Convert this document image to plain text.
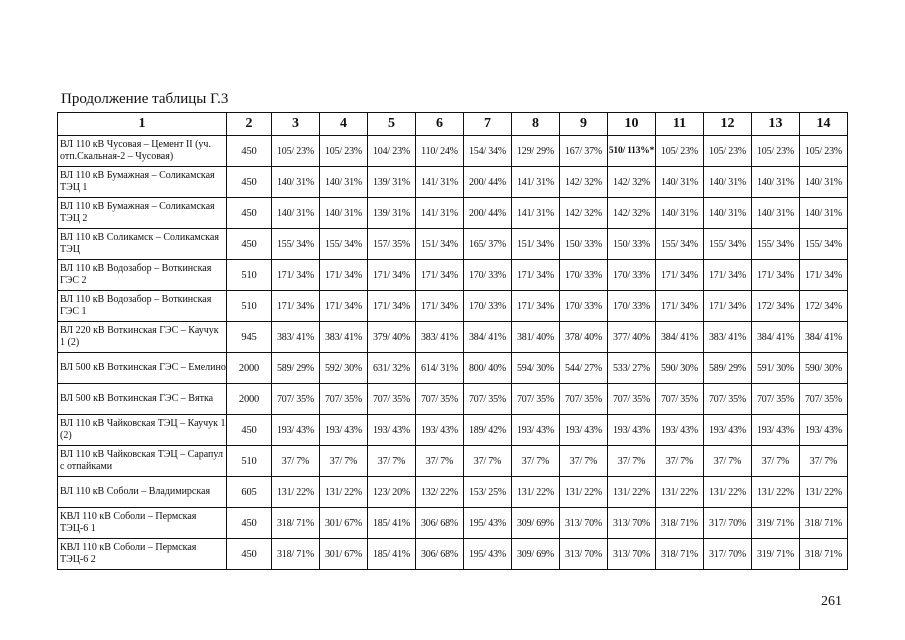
Продолжение таблицы Г.3
1	2	3	4	5	6	7	8	9	10	11	12	13	14
ВЛ 110 кВ Чусовая – Цемент II (уч. отп.Скальная-2 – Чусовая)	450	105/ 23%	105/ 23%	104/ 23%	110/ 24%	154/ 34%	129/ 29%	167/ 37%	510/ 113%*	105/ 23%	105/ 23%	105/ 23%	105/ 23%
ВЛ 110 кВ Бумажная – Соликамская ТЭЦ 1	450	140/ 31%	140/ 31%	139/ 31%	141/ 31%	200/ 44%	141/ 31%	142/ 32%	142/ 32%	140/ 31%	140/ 31%	140/ 31%	140/ 31%
ВЛ 110 кВ Бумажная – Соликамская ТЭЦ 2	450	140/ 31%	140/ 31%	139/ 31%	141/ 31%	200/ 44%	141/ 31%	142/ 32%	142/ 32%	140/ 31%	140/ 31%	140/ 31%	140/ 31%
ВЛ 110 кВ Соликамск – Соликамская ТЭЦ	450	155/ 34%	155/ 34%	157/ 35%	151/ 34%	165/ 37%	151/ 34%	150/ 33%	150/ 33%	155/ 34%	155/ 34%	155/ 34%	155/ 34%
ВЛ 110 кВ Водозабор – Воткинская ГЭС 2	510	171/ 34%	171/ 34%	171/ 34%	171/ 34%	170/ 33%	171/ 34%	170/ 33%	170/ 33%	171/ 34%	171/ 34%	171/ 34%	171/ 34%
ВЛ 110 кВ Водозабор – Воткинская ГЭС 1	510	171/ 34%	171/ 34%	171/ 34%	171/ 34%	170/ 33%	171/ 34%	170/ 33%	170/ 33%	171/ 34%	171/ 34%	172/ 34%	172/ 34%
ВЛ 220 кВ Воткинская ГЭС – Каучук 1 (2)	945	383/ 41%	383/ 41%	379/ 40%	383/ 41%	384/ 41%	381/ 40%	378/ 40%	377/ 40%	384/ 41%	383/ 41%	384/ 41%	384/ 41%
ВЛ 500 кВ Воткинская ГЭС – Емелино	2000	589/ 29%	592/ 30%	631/ 32%	614/ 31%	800/ 40%	594/ 30%	544/ 27%	533/ 27%	590/ 30%	589/ 29%	591/ 30%	590/ 30%
ВЛ 500 кВ Воткинская ГЭС – Вятка	2000	707/ 35%	707/ 35%	707/ 35%	707/ 35%	707/ 35%	707/ 35%	707/ 35%	707/ 35%	707/ 35%	707/ 35%	707/ 35%	707/ 35%
ВЛ 110 кВ Чайковская ТЭЦ – Каучук 1 (2)	450	193/ 43%	193/ 43%	193/ 43%	193/ 43%	189/ 42%	193/ 43%	193/ 43%	193/ 43%	193/ 43%	193/ 43%	193/ 43%	193/ 43%
ВЛ 110 кВ Чайковская ТЭЦ – Сарапул с отпайками	510	37/ 7%	37/ 7%	37/ 7%	37/ 7%	37/ 7%	37/ 7%	37/ 7%	37/ 7%	37/ 7%	37/ 7%	37/ 7%	37/ 7%
ВЛ 110 кВ Соболи – Владимирская	605	131/ 22%	131/ 22%	123/ 20%	132/ 22%	153/ 25%	131/ 22%	131/ 22%	131/ 22%	131/ 22%	131/ 22%	131/ 22%	131/ 22%
КВЛ 110 кВ Соболи – Пермская ТЭЦ-6 1	450	318/ 71%	301/ 67%	185/ 41%	306/ 68%	195/ 43%	309/ 69%	313/ 70%	313/ 70%	318/ 71%	317/ 70%	319/ 71%	318/ 71%
КВЛ 110 кВ Соболи – Пермская ТЭЦ-6 2	450	318/ 71%	301/ 67%	185/ 41%	306/ 68%	195/ 43%	309/ 69%	313/ 70%	313/ 70%	318/ 71%	317/ 70%	319/ 71%	318/ 71%
261
